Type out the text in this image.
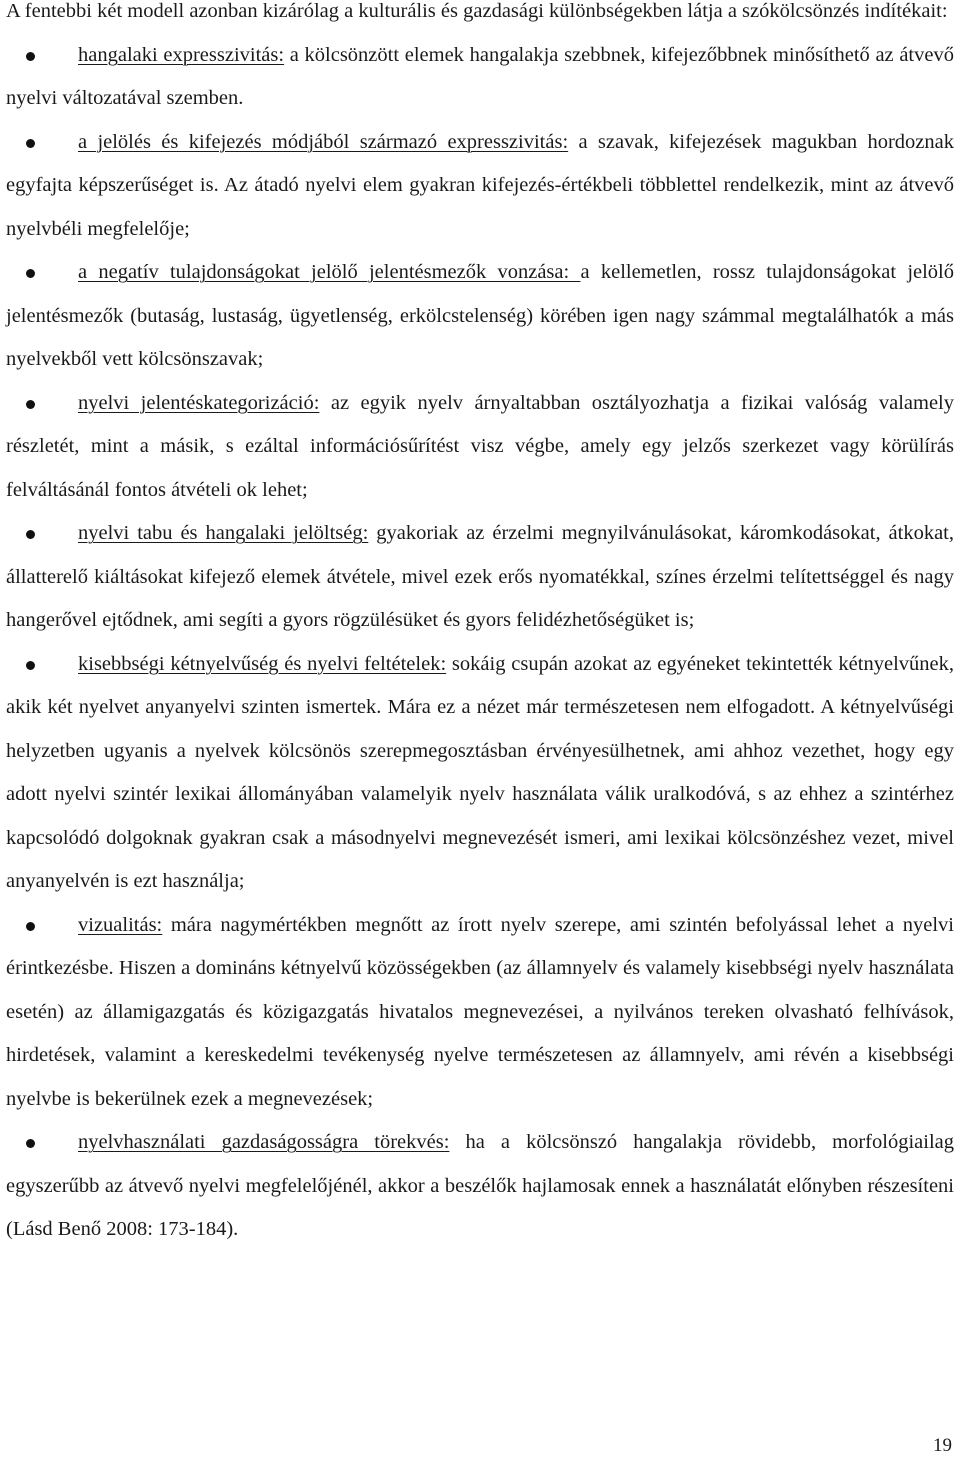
A fentebbi két modell azonban kizárólag a kulturális és gazdasági különbségekben látja a szókölcsönzés indítékait:

hangalaki expresszivitás: a kölcsönzött elemek hangalakja szebbnek, kifejezőbbnek minősíthető az átvevő nyelvi változatával szemben.

a jelölés és kifejezés módjából származó expresszivitás: a szavak, kifejezések magukban hordoznak egyfajta képszerűséget is. Az átadó nyelvi elem gyakran kifejezés-értékbeli többlettel rendelkezik, mint az átvevő nyelvbéli megfelelője;

a negatív tulajdonságokat jelölő jelentésmezők vonzása: a kellemetlen, rossz tulajdonságokat jelölő jelentésmezők (butaság, lustaság, ügyetlenség, erkölcstelenség) körében igen nagy számmal megtalálhatók a más nyelvekből vett kölcsönszavak;

nyelvi jelentéskategorizáció: az egyik nyelv árnyaltabban osztályozhatja a fizikai valóság valamely részletét, mint a másik, s ezáltal információsűrítést visz végbe, amely egy jelzős szerkezet vagy körülírás felváltásánál fontos átvételi ok lehet;

nyelvi tabu és hangalaki jelöltség: gyakoriak az érzelmi megnyilvánulásokat, káromkodásokat, átkokat, állatterelő kiáltásokat kifejező elemek átvétele, mivel ezek erős nyomatékkal, színes érzelmi telítettséggel és nagy hangerővel ejtődnek, ami segíti a gyors rögzülésüket és gyors felidézhetőségüket is;

kisebbségi kétnyelvűség és nyelvi feltételek: sokáig csupán azokat az egyéneket tekintették kétnyelvűnek, akik két nyelvet anyanyelvi szinten ismertek. Mára ez a nézet már természetesen nem elfogadott. A kétnyelvűségi helyzetben ugyanis a nyelvek kölcsönös szerepmegosztásban érvényesülhetnek, ami ahhoz vezethet, hogy egy adott nyelvi szintér lexikai állományában valamelyik nyelv használata válik uralkodóvá, s az ehhez a szintérhez kapcsolódó dolgoknak gyakran csak a másodnyelvi megnevezését ismeri, ami lexikai kölcsönzéshez vezet, mivel anyanyelvén is ezt használja;

vizualitás: mára nagymértékben megnőtt az írott nyelv szerepe, ami szintén befolyással lehet a nyelvi érintkezésbe. Hiszen a domináns kétnyelvű közösségekben (az államnyelv és valamely kisebbségi nyelv használata esetén) az államigazgatás és közigazgatás hivatalos megnevezései, a nyilvános tereken olvasható felhívások, hirdetések, valamint a kereskedelmi tevékenység nyelve természetesen az államnyelv, ami révén a kisebbségi nyelvbe is bekerülnek ezek a megnevezések;

nyelvhasználati gazdaságosságra törekvés: ha a kölcsönszó hangalakja rövidebb, morfológiailag egyszerűbb az átvevő nyelvi megfelelőjénél, akkor a beszélők hajlamosak ennek a használatát előnyben részesíteni (Lásd Benő 2008: 173-184).

19
